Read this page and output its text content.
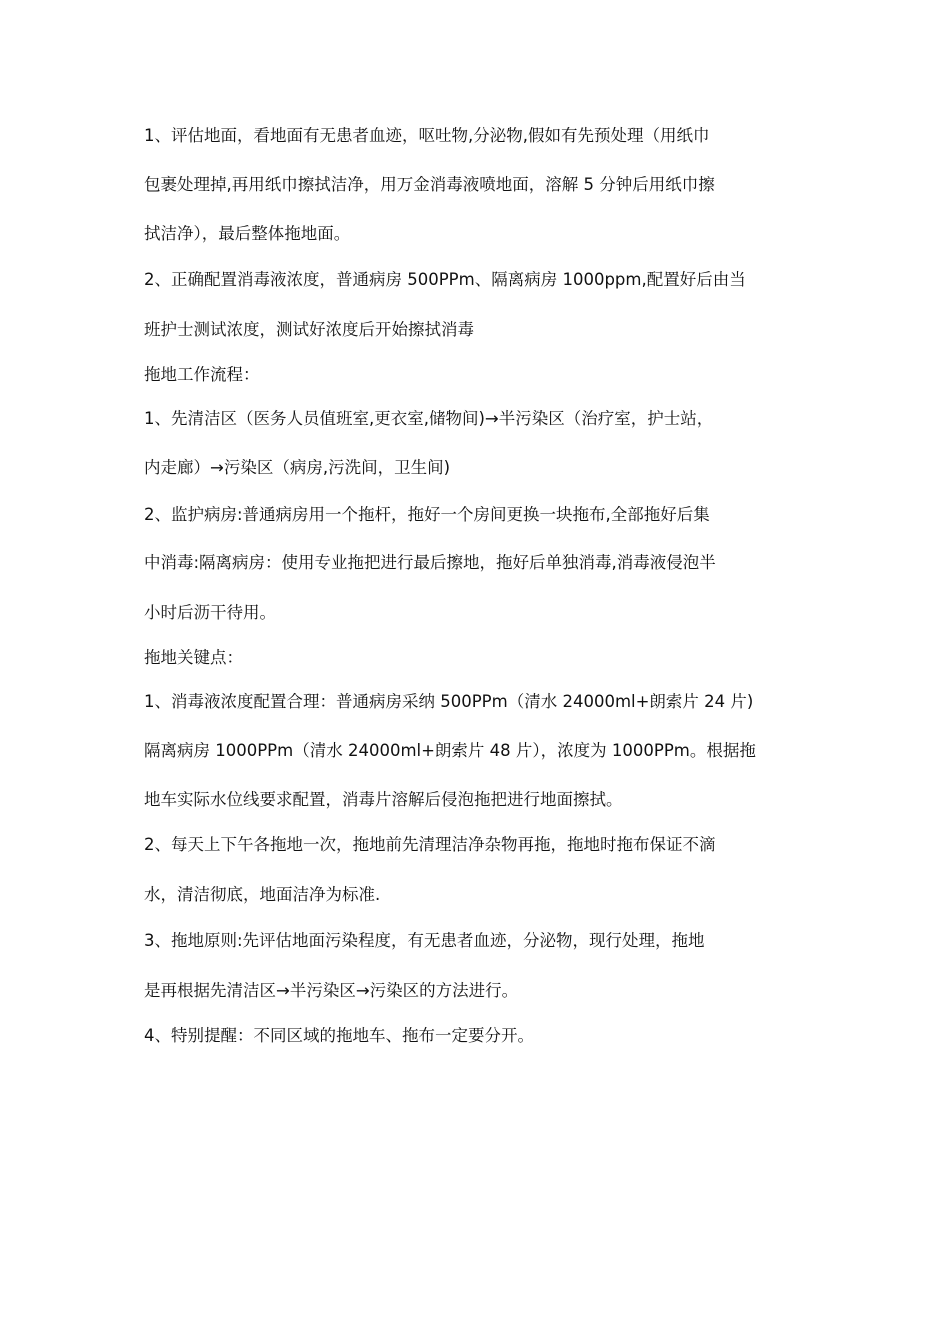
1、评估地面，看地面有无患者血迹，呕吐物,分泌物,假如有先预处理（用纸巾
包裹处理掉,再用纸巾擦拭洁净，用万金消毒液喷地面，溶解 5 分钟后用纸巾擦
拭洁净），最后整体拖地面。
2、正确配置消毒液浓度，普通病房 500PPm、隔离病房 1000ppm,配置好后由当
班护士测试浓度，测试好浓度后开始擦拭消毒
拖地工作流程：
1、先清洁区（医务人员值班室,更衣室,储物间)→半污染区（治疗室，护士站，
内走廊）→污染区（病房,污洗间，卫生间)
2、监护病房:普通病房用一个拖杆，拖好一个房间更换一块拖布,全部拖好后集
中消毒:隔离病房：使用专业拖把进行最后擦地，拖好后单独消毒,消毒液侵泡半
小时后沥干待用。
拖地关键点：
1、消毒液浓度配置合理：普通病房采纳 500PPm（清水 24000ml+朗索片 24 片)
隔离病房 1000PPm（清水 24000ml+朗索片 48 片），浓度为 1000PPm。根据拖
地车实际水位线要求配置，消毒片溶解后侵泡拖把进行地面擦拭。
2、每天上下午各拖地一次，拖地前先清理洁净杂物再拖，拖地时拖布保证不滴
水，清洁彻底，地面洁净为标准.
3、拖地原则:先评估地面污染程度，有无患者血迹，分泌物，现行处理，拖地
是再根据先清洁区→半污染区→污染区的方法进行。
4、特别提醒：不同区域的拖地车、拖布一定要分开。
